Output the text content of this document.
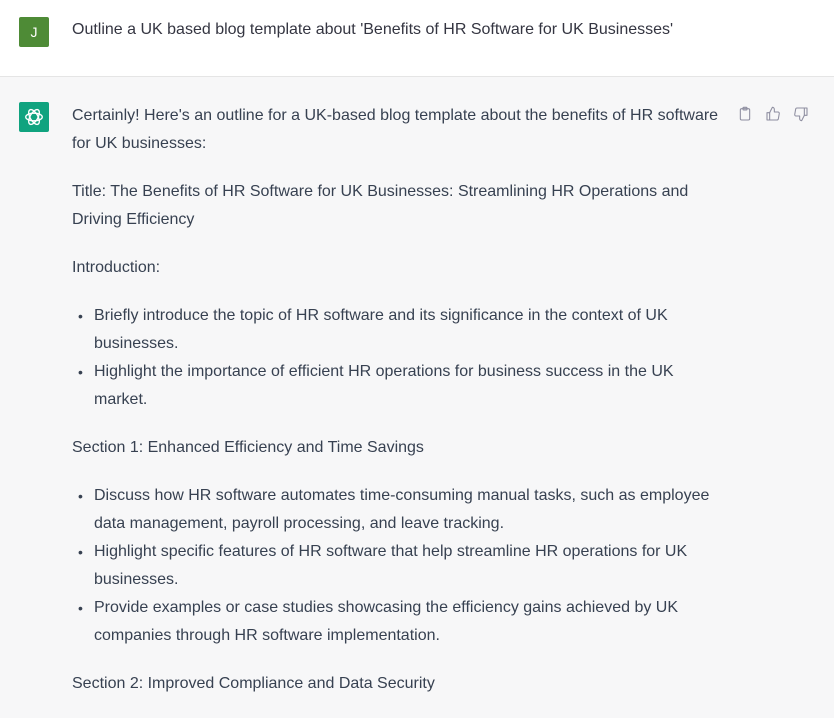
J	Outline a UK based blog template about 'Benefits of HR Software for UK Businesses'

Certainly! Here's an outline for a UK-based blog template about the benefits of HR software for UK businesses:

Title: The Benefits of HR Software for UK Businesses: Streamlining HR Operations and Driving Efficiency

Introduction:

• Briefly introduce the topic of HR software and its significance in the context of UK businesses.
• Highlight the importance of efficient HR operations for business success in the UK market.

Section 1: Enhanced Efficiency and Time Savings

• Discuss how HR software automates time-consuming manual tasks, such as employee data management, payroll processing, and leave tracking.
• Highlight specific features of HR software that help streamline HR operations for UK businesses.
• Provide examples or case studies showcasing the efficiency gains achieved by UK companies through HR software implementation.

Section 2: Improved Compliance and Data Security
